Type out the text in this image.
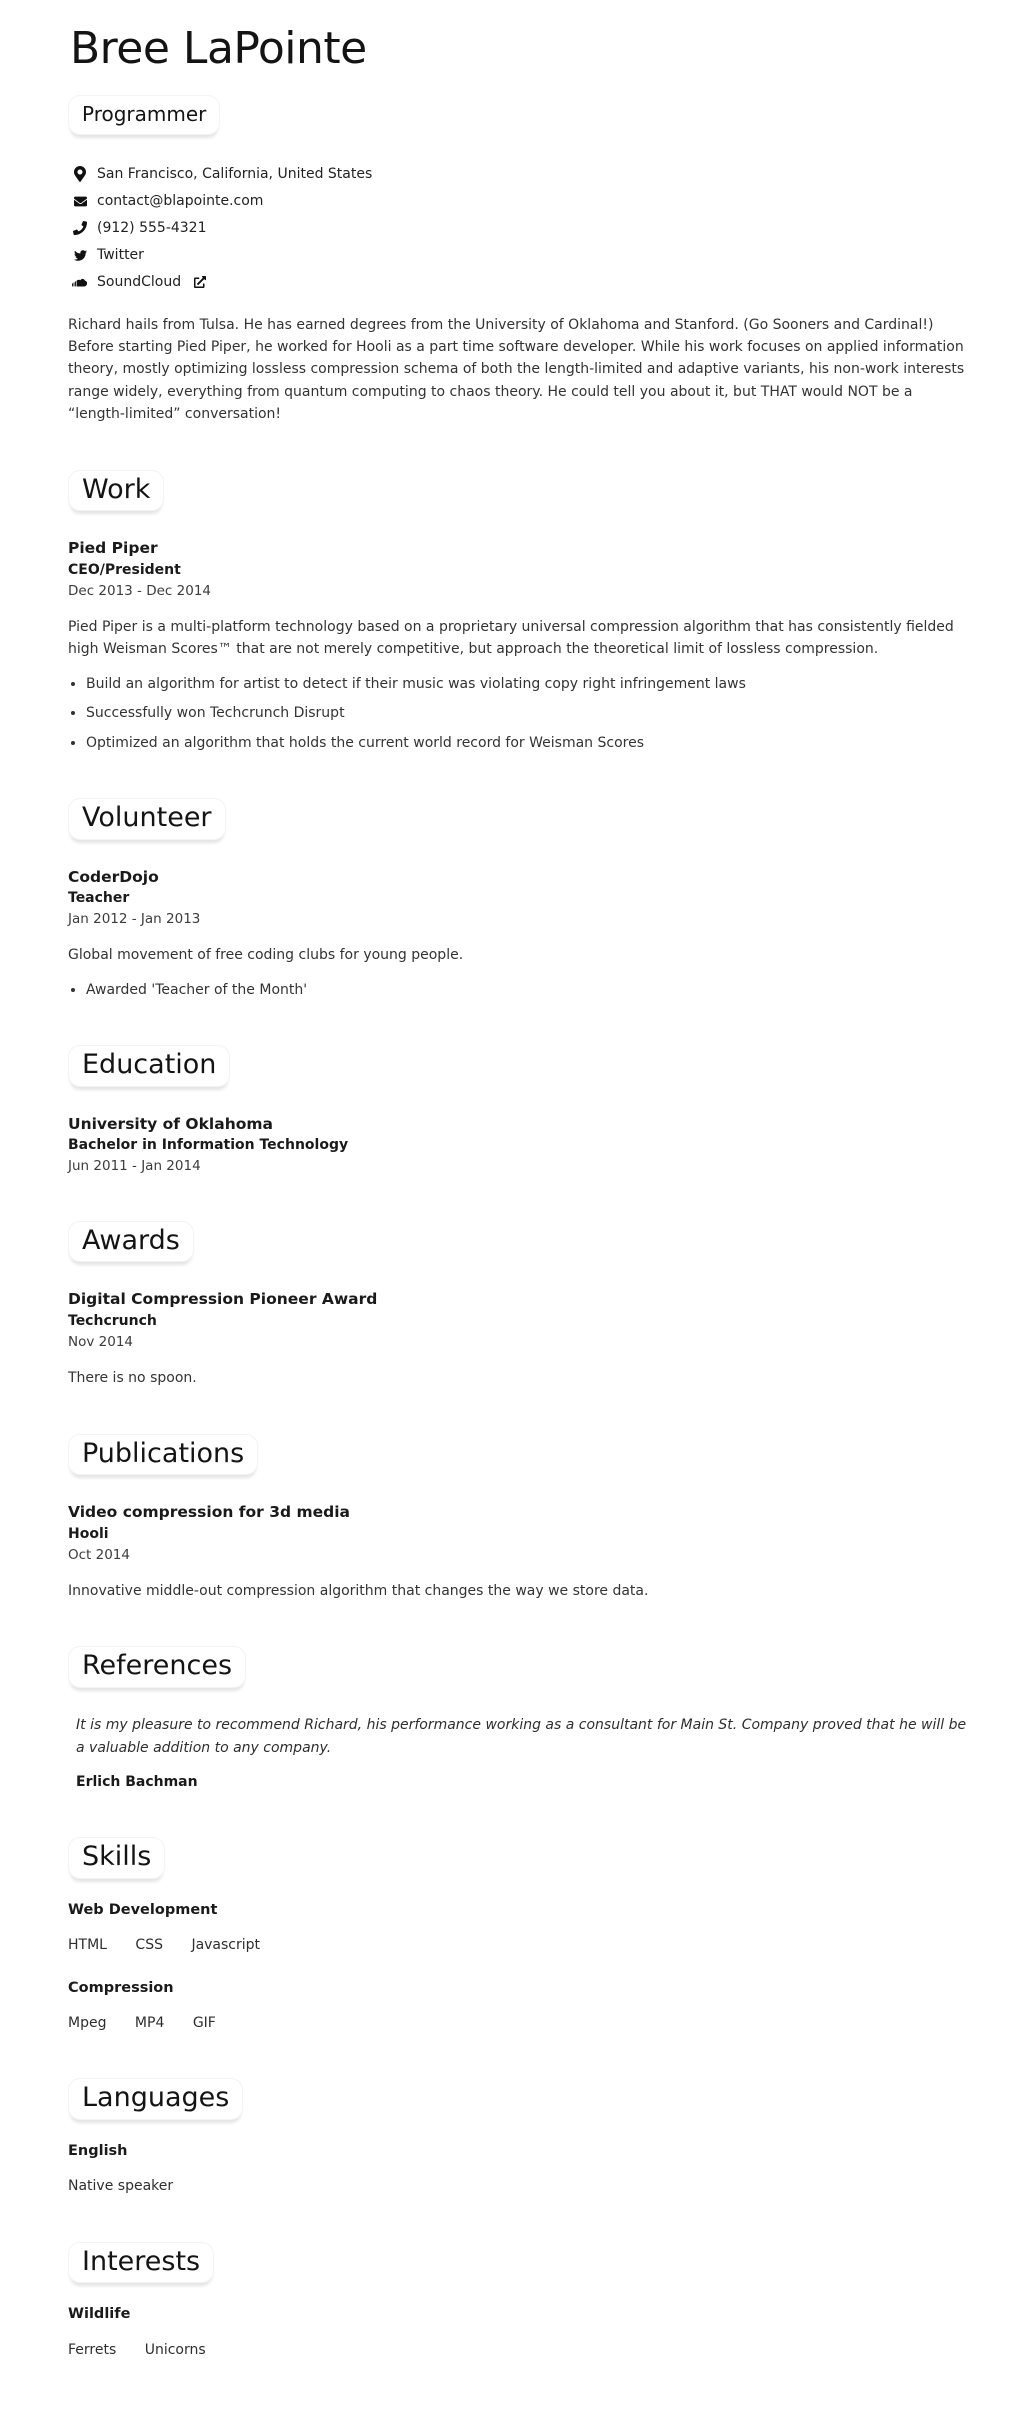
Bree LaPointe
Programmer
San Francisco, California, United States
contact@blapointe.com
(912) 555-4321
Twitter
SoundCloud

Richard hails from Tulsa. He has earned degrees from the University of Oklahoma and Stanford. (Go Sooners and Cardinal!) Before starting Pied Piper, he worked for Hooli as a part time software developer. While his work focuses on applied information theory, mostly optimizing lossless compression schema of both the length-limited and adaptive variants, his non-work interests range widely, everything from quantum computing to chaos theory. He could tell you about it, but THAT would NOT be a “length-limited” conversation!

Work
Pied Piper
CEO/President
Dec 2013 - Dec 2014

Pied Piper is a multi-platform technology based on a proprietary universal compression algorithm that has consistently fielded high Weisman Scores™ that are not merely competitive, but approach the theoretical limit of lossless compression.

• Build an algorithm for artist to detect if their music was violating copy right infringement laws
• Successfully won Techcrunch Disrupt
• Optimized an algorithm that holds the current world record for Weisman Scores
Volunteer
CoderDojo
Teacher
Jan 2012 - Jan 2013

Global movement of free coding clubs for young people.

• Awarded 'Teacher of the Month'
Education
University of Oklahoma
Bachelor in Information Technology
Jun 2011 - Jan 2014
Awards
Digital Compression Pioneer Award
Techcrunch
Nov 2014

There is no spoon.

Publications
Video compression for 3d media
Hooli
Oct 2014

Innovative middle-out compression algorithm that changes the way we store data.

References
It is my pleasure to recommend Richard, his performance working as a consultant for Main St. Company proved that he will be a valuable addition to any company.
Erlich Bachman
Skills
Web Development
HTML CSS Javascript
Compression
Mpeg MP4 GIF
Languages
English
Native speaker
Interests
Wildlife
Ferrets Unicorns
